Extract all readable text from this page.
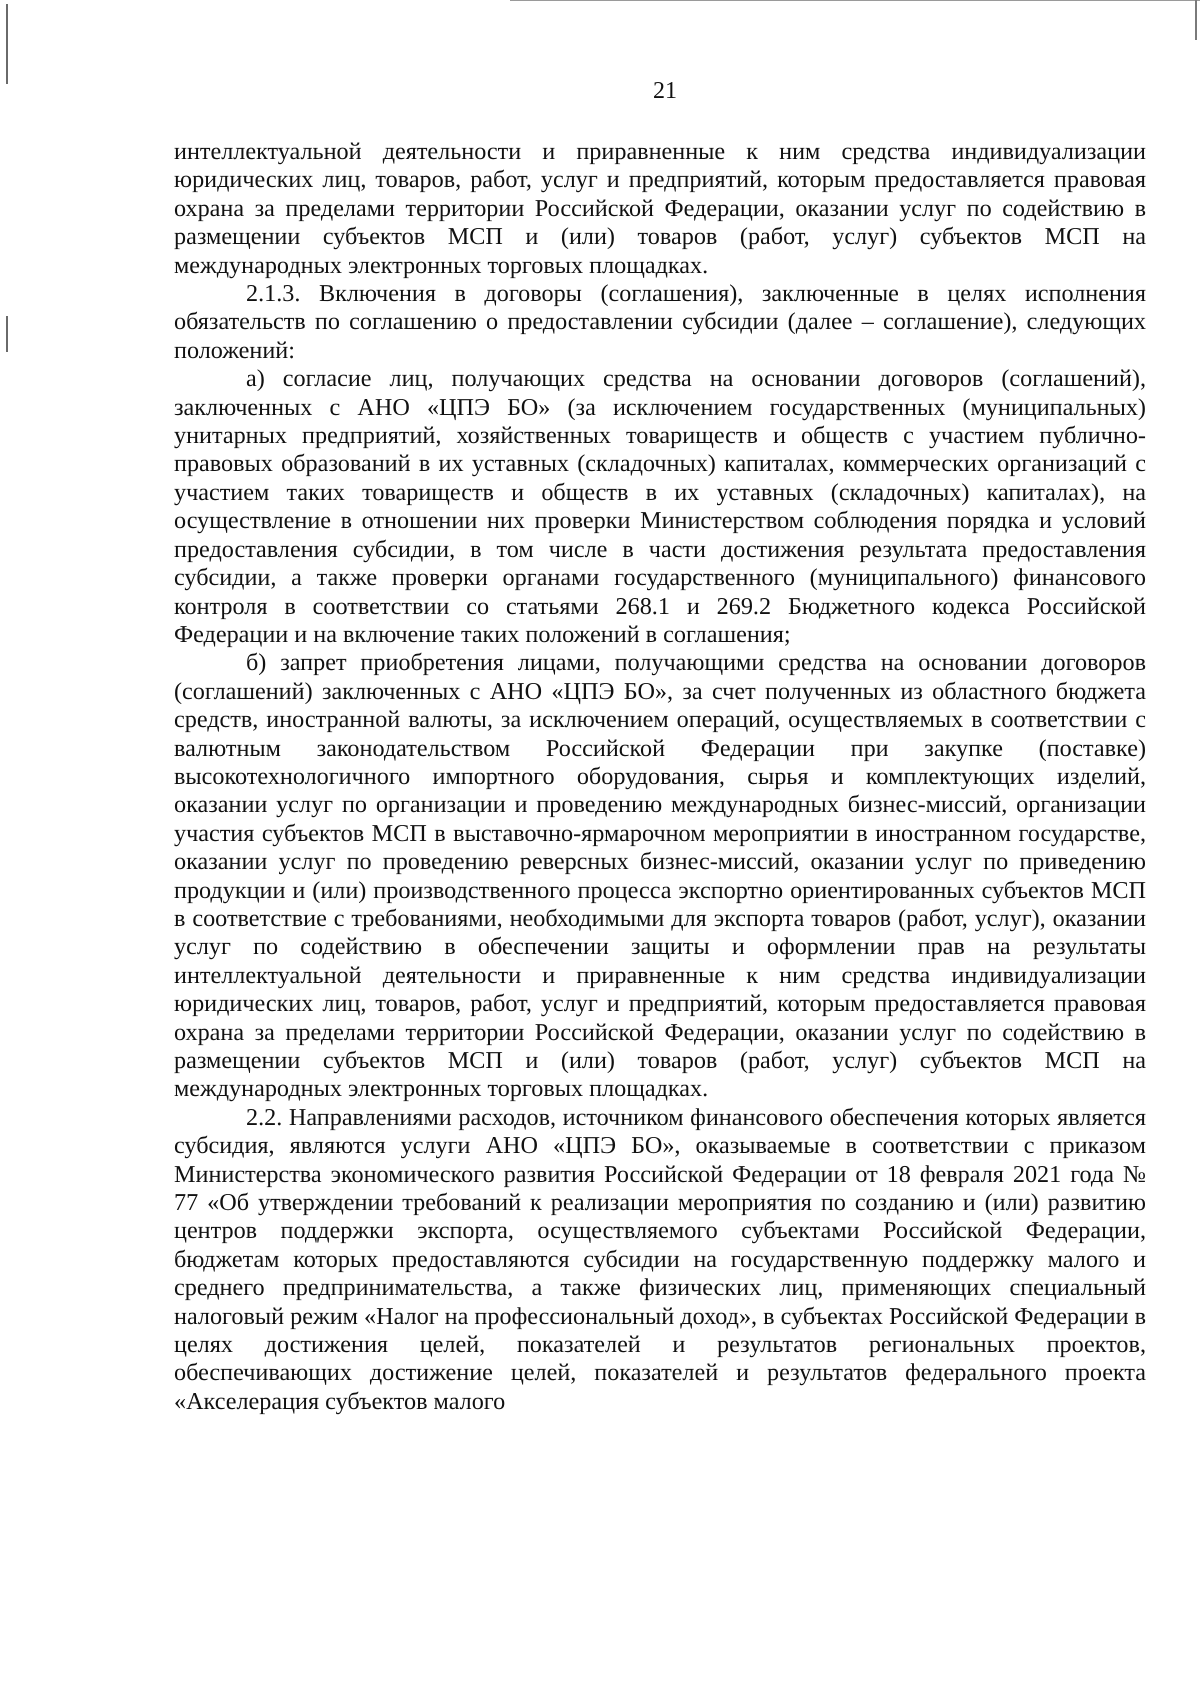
21

интеллектуальной деятельности и приравненные к ним средства индивидуализации юридических лиц, товаров, работ, услуг и предприятий, которым предоставляется правовая охрана за пределами территории Российской Федерации, оказании услуг по содействию в размещении субъектов МСП и (или) товаров (работ, услуг) субъектов МСП на международных электронных торговых площадках.

2.1.3. Включения в договоры (соглашения), заключенные в целях исполнения обязательств по соглашению о предоставлении субсидии (далее – соглашение), следующих положений:

а) согласие лиц, получающих средства на основании договоров (соглашений), заключенных с АНО «ЦПЭ БО» (за исключением государственных (муниципальных) унитарных предприятий, хозяйственных товариществ и обществ с участием публично-правовых образований в их уставных (складочных) капиталах, коммерческих организаций с участием таких товариществ и обществ в их уставных (складочных) капиталах), на осуществление в отношении них проверки Министерством соблюдения порядка и условий предоставления субсидии, в том числе в части достижения результата предоставления субсидии, а также проверки органами государственного (муниципального) финансового контроля в соответствии со статьями 268.1 и 269.2 Бюджетного кодекса Российской Федерации и на включение таких положений в соглашения;

б) запрет приобретения лицами, получающими средства на основании договоров (соглашений) заключенных с АНО «ЦПЭ БО», за счет полученных из областного бюджета средств, иностранной валюты, за исключением операций, осуществляемых в соответствии с валютным законодательством Российской Федерации при закупке (поставке) высокотехнологичного импортного оборудования, сырья и комплектующих изделий, оказании услуг по организации и проведению международных бизнес-миссий, организации участия субъектов МСП в выставочно-ярмарочном мероприятии в иностранном государстве, оказании услуг по проведению реверсных бизнес-миссий, оказании услуг по приведению продукции и (или) производственного процесса экспортно ориентированных субъектов МСП в соответствие с требованиями, необходимыми для экспорта товаров (работ, услуг), оказании услуг по содействию в обеспечении защиты и оформлении прав на результаты интеллектуальной деятельности и приравненные к ним средства индивидуализации юридических лиц, товаров, работ, услуг и предприятий, которым предоставляется правовая охрана за пределами территории Российской Федерации, оказании услуг по содействию в размещении субъектов МСП и (или) товаров (работ, услуг) субъектов МСП на международных электронных торговых площадках.

2.2. Направлениями расходов, источником финансового обеспечения которых является субсидия, являются услуги АНО «ЦПЭ БО», оказываемые в соответствии с приказом Министерства экономического развития Российской Федерации от 18 февраля 2021 года № 77 «Об утверждении требований к реализации мероприятия по созданию и (или) развитию центров поддержки экспорта, осуществляемого субъектами Российской Федерации, бюджетам которых предоставляются субсидии на государственную поддержку малого и среднего предпринимательства, а также физических лиц, применяющих специальный налоговый режим «Налог на профессиональный доход», в субъектах Российской Федерации в целях достижения целей, показателей и результатов региональных проектов, обеспечивающих достижение целей, показателей и результатов федерального проекта «Акселерация субъектов малого
